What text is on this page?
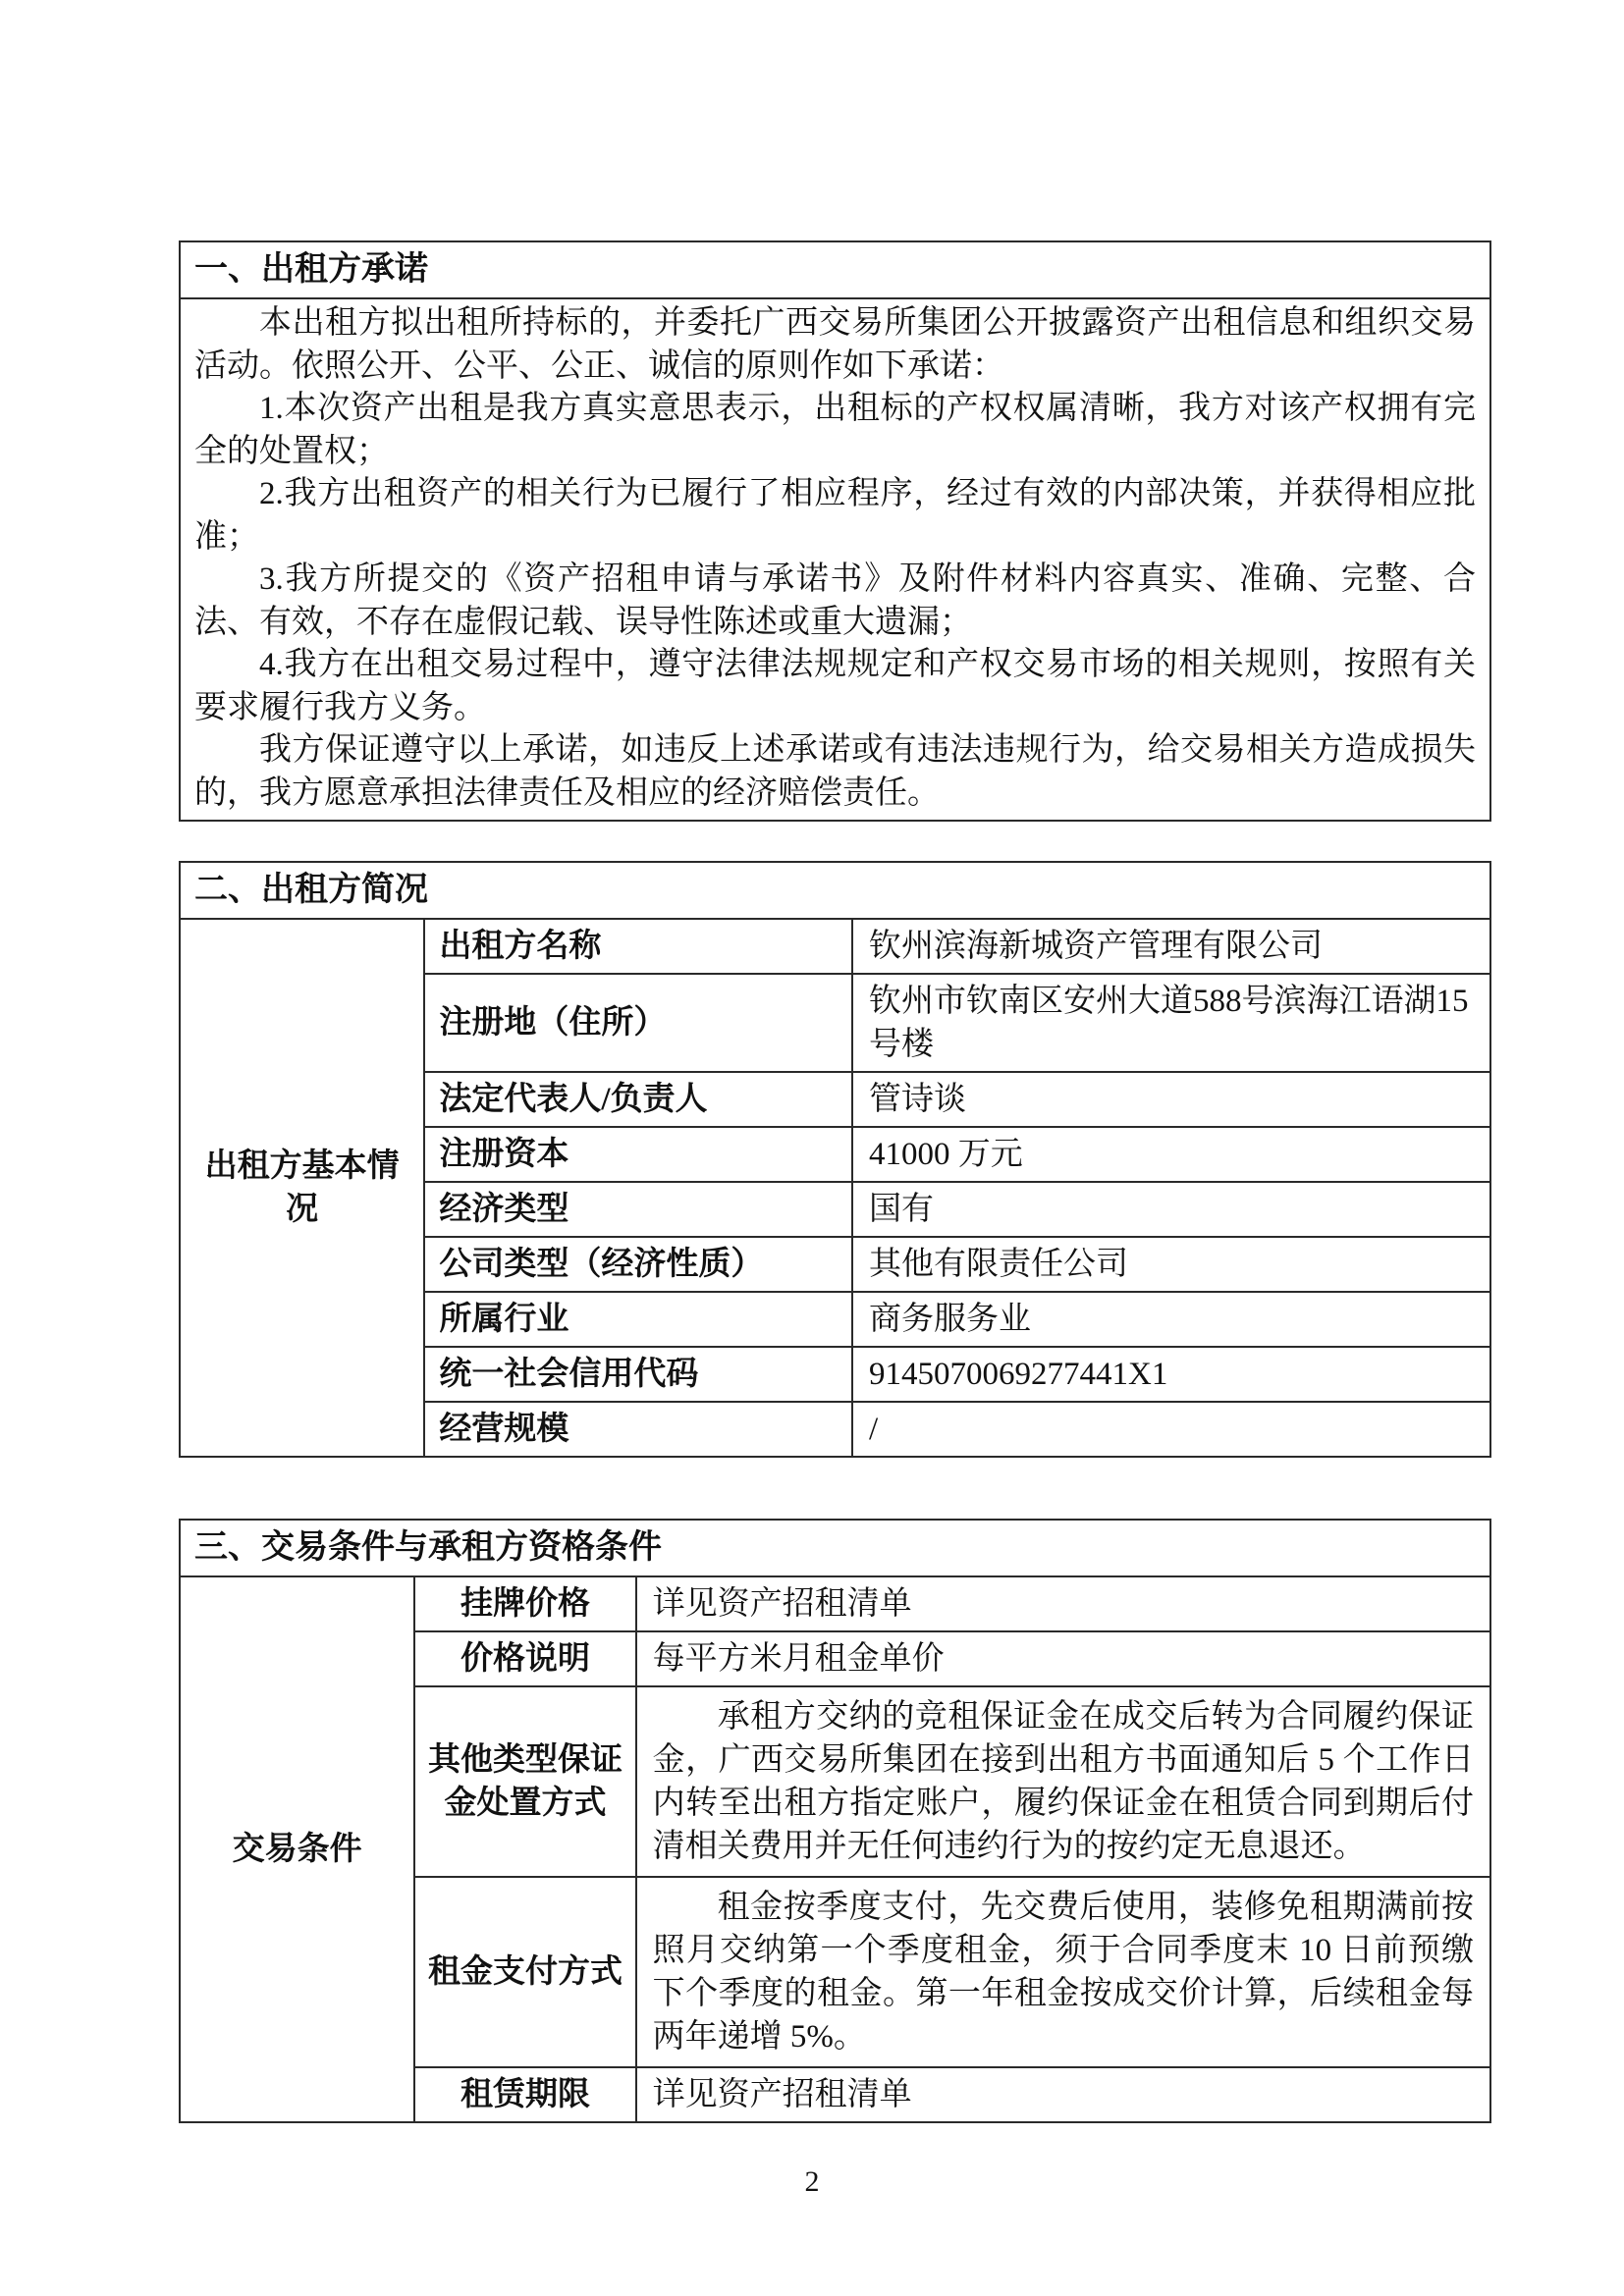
一、出租方承诺

本出租方拟出租所持标的，并委托广西交易所集团公开披露资产出租信息和组织交易活动。依照公开、公平、公正、诚信的原则作如下承诺：

1.本次资产出租是我方真实意思表示，出租标的产权权属清晰，我方对该产权拥有完全的处置权；

2.我方出租资产的相关行为已履行了相应程序，经过有效的内部决策，并获得相应批准；

3.我方所提交的《资产招租申请与承诺书》及附件材料内容真实、准确、完整、合法、有效，不存在虚假记载、误导性陈述或重大遗漏；

4.我方在出租交易过程中，遵守法律法规规定和产权交易市场的相关规则，按照有关要求履行我方义务。

我方保证遵守以上承诺，如违反上述承诺或有违法违规行为，给交易相关方造成损失的，我方愿意承担法律责任及相应的经济赔偿责任。

二、出租方简况		
出租方基本情况	出租方名称	钦州滨海新城资产管理有限公司
	注册地（住所）	钦州市钦南区安州大道588号滨海江语湖15号楼
	法定代表人/负责人	管诗谈
	注册资本	41000 万元
	经济类型	国有
	公司类型（经济性质）	其他有限责任公司
	所属行业	商务服务业
	统一社会信用代码	9145070069277441X1
	经营规模	/
三、交易条件与承租方资格条件		
交易条件	挂牌价格	详见资产招租清单
	价格说明	每平方米月租金单价
	其他类型保证金处置方式	承租方交纳的竞租保证金在成交后转为合同履约保证金，广西交易所集团在接到出租方书面通知后 5 个工作日内转至出租方指定账户，履约保证金在租赁合同到期后付清相关费用并无任何违约行为的按约定无息退还。
	租金支付方式	租金按季度支付，先交费后使用，装修免租期满前按照月交纳第一个季度租金，须于合同季度末 10 日前预缴下个季度的租金。第一年租金按成交价计算，后续租金每两年递增 5%。
	租赁期限	详见资产招租清单
2
